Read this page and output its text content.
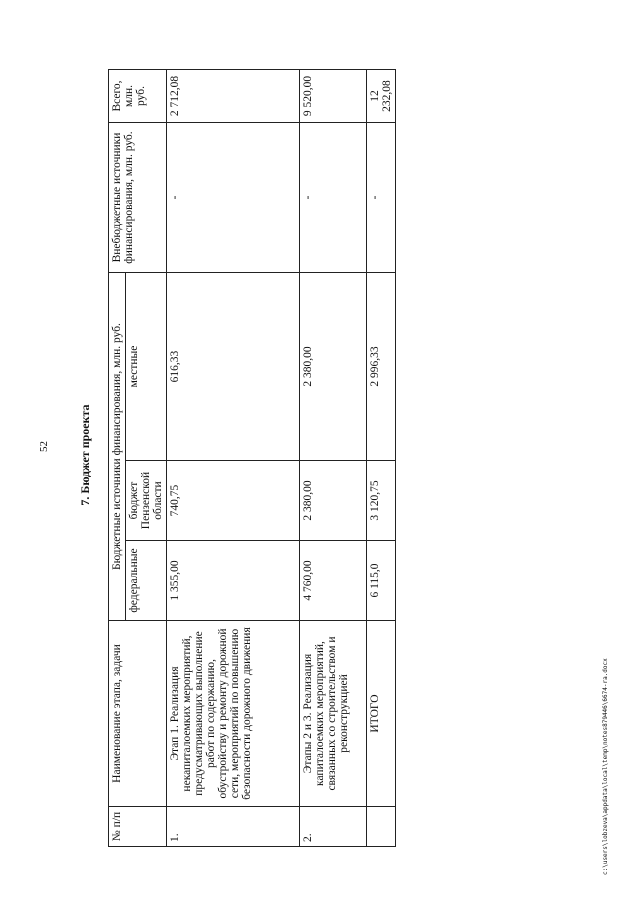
52 7. Бюджет проекта
№ п/п	Наименование этапа, задачи	Бюджетные источники финансирования, млн. руб.			Внебюджетные источники финансирования, млн. руб.	Всего, млн. руб.
		федеральные	бюджет Пензенской области	местные		
1.	Этап 1. Реализация некапиталоемких мероприятий, предусматривающих выполнение работ по содержанию, обустройству и ремонту дорожной сети, мероприятий по повышению безопасности дорожного движения	1 355,00	740,75	616,33	-	2 712,08
2.	Этапы 2 и 3. Реализация капиталоемких мероприятий, связанных со строительством и реконструкцией	4 760,00	2 380,00	2 380,00	-	9 520,00
	ИТОГО	6 115,0	3 120,75	2 996,33	-	12 232,08
c:\users\lobzeva\appdata\local\temp\notes879446\6674-ra.docx
